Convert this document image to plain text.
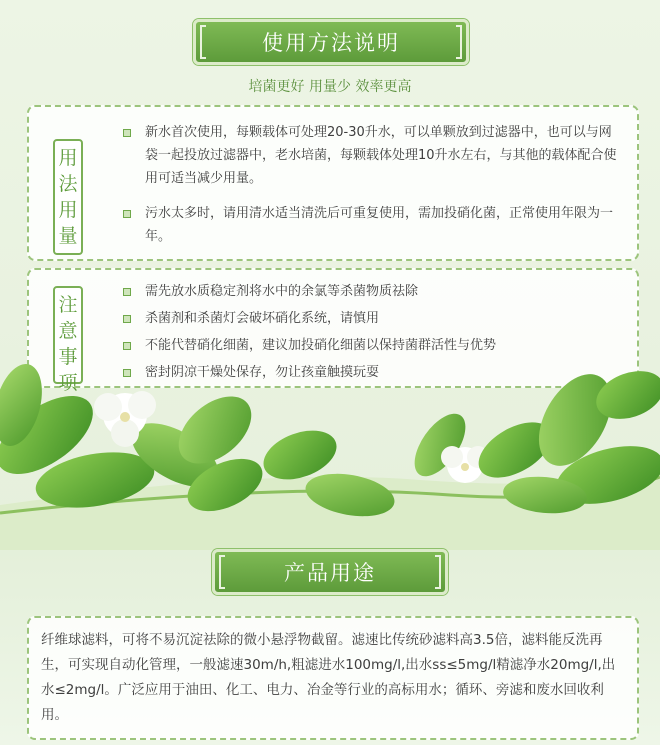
使用方法说明
培菌更好 用量少 效率更高
用法用量
新水首次使用，每颗载体可处理20-30升水，可以单颗放到过滤器中，也可以与网袋一起投放过滤器中，老水培菌，每颗载体处理10升水左右，与其他的载体配合使用可适当减少用量。
污水太多时，请用清水适当清洗后可重复使用，需加投硝化菌，正常使用年限为一年。
注意事项
需先放水质稳定剂将水中的余氯等杀菌物质祛除
杀菌剂和杀菌灯会破坏硝化系统，请慎用
不能代替硝化细菌，建议加投硝化细菌以保持菌群活性与优势
密封阴凉干燥处保存，勿让孩童触摸玩耍
产品用途
纤维球滤料，可将不易沉淀祛除的微小悬浮物截留。滤速比传统砂滤料高3.5倍，滤料能反洗再生，可实现自动化管理，一般滤速30m/h,粗滤进水100mg/l,出水ss≤5mg/l精滤净水20mg/l,出水≤2mg/l。广泛应用于油田、化工、电力、冶金等行业的高标用水；循环、旁滤和废水回收利用。
